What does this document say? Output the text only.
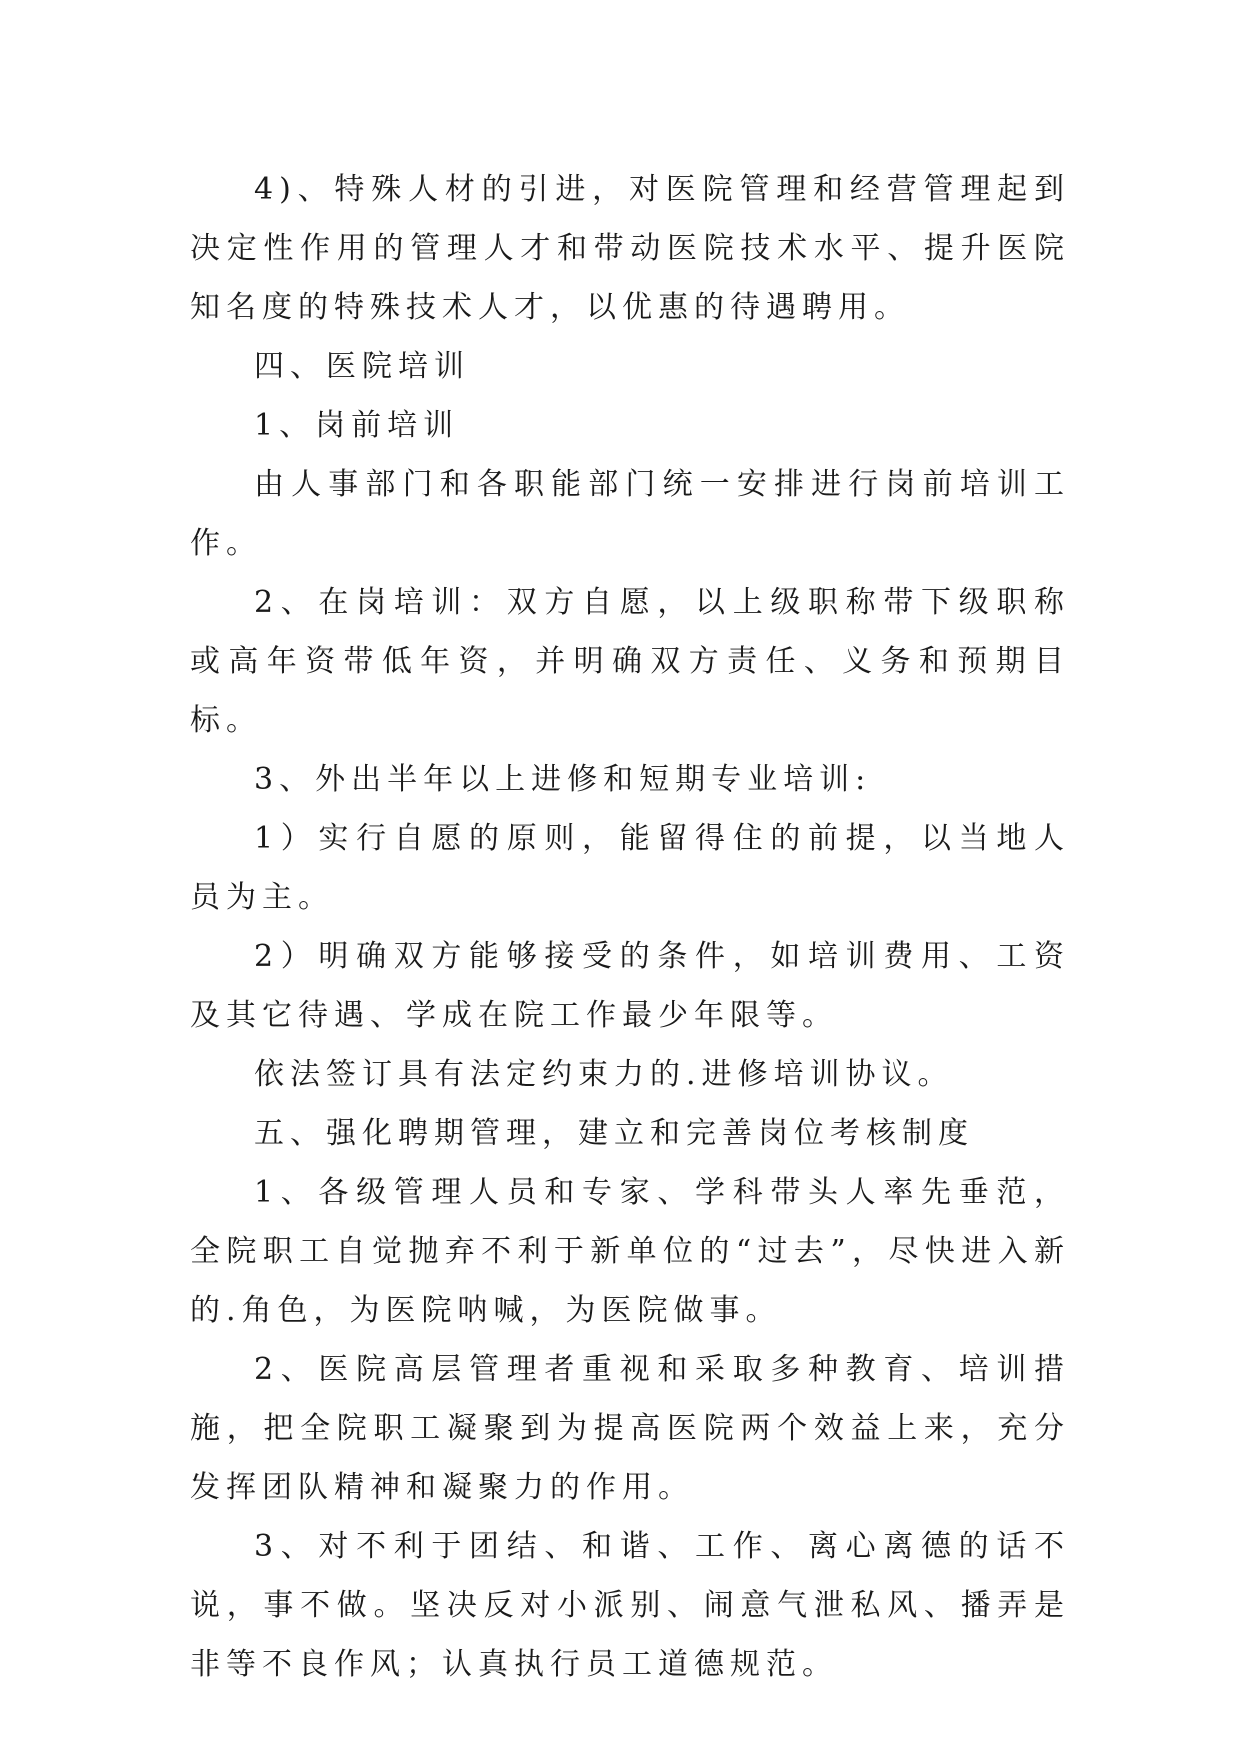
4)、特殊人材的引进，对医院管理和经营管理起到决定性作用的管理人才和带动医院技术水平、提升医院知名度的特殊技术人才，以优惠的待遇聘用。

四、医院培训

1、岗前培训

由人事部门和各职能部门统一安排进行岗前培训工作。

2、在岗培训：双方自愿，以上级职称带下级职称或高年资带低年资，并明确双方责任、义务和预期目标。

3、外出半年以上进修和短期专业培训:

1）实行自愿的原则，能留得住的前提，以当地人员为主。

2）明确双方能够接受的条件，如培训费用、工资及其它待遇、学成在院工作最少年限等。

依法签订具有法定约束力的.进修培训协议。

五、强化聘期管理，建立和完善岗位考核制度

1、各级管理人员和专家、学科带头人率先垂范，全院职工自觉抛弃不利于新单位的“过去”，尽快进入新的.角色，为医院呐喊，为医院做事。

2、医院高层管理者重视和采取多种教育、培训措施，把全院职工凝聚到为提高医院两个效益上来，充分发挥团队精神和凝聚力的作用。

3、对不利于团结、和谐、工作、离心离德的话不说，事不做。坚决反对小派别、闹意气泄私风、播弄是非等不良作风；认真执行员工道德规范。
